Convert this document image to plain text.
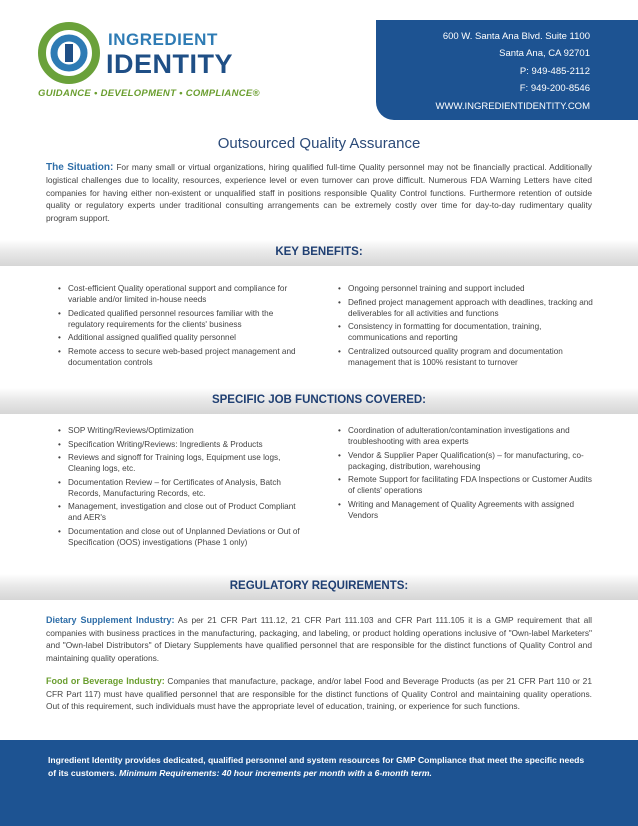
INGREDIENT
IDENTITY
GUIDANCE • DEVELOPMENT • COMPLIANCE®
600 W. Santa Ana Blvd. Suite 1100
Santa Ana, CA 92701
P: 949-485-2112
F: 949-200-8546
WWW.INGREDIENTIDENTITY.COM
Outsourced Quality Assurance
The Situation: For many small or virtual organizations, hiring qualified full-time Quality personnel may not be financially practical. Additionally logistical challenges due to locality, resources, experience level or even turnover can prove difficult. Numerous FDA Warning Letters have cited companies for having either non-existent or unqualified staff in positions responsible Quality Control functions. Furthermore retention of outside quality or regulatory experts under traditional consulting arrangements can be extremely costly over time for day-to-day rudimentary quality program support.
KEY BENEFITS:
• Cost-efficient Quality operational support and compliance for variable and/or limited in-house needs
• Dedicated qualified personnel resources familiar with the regulatory requirements for the clients' business
• Additional assigned qualified quality personnel
• Remote access to secure web-based project management and documentation controls
• Ongoing personnel training and support included
• Defined project management approach with deadlines, tracking and deliverables for all activities and functions
• Consistency in formatting for documentation, training, communications and reporting
• Centralized outsourced quality program and documentation management that is 100% resistant to turnover
SPECIFIC JOB FUNCTIONS COVERED:
• SOP Writing/Reviews/Optimization
• Specification Writing/Reviews: Ingredients & Products
• Reviews and signoff for Training logs, Equipment use logs, Cleaning logs, etc.
• Documentation Review – for Certificates of Analysis, Batch Records, Manufacturing Records, etc.
• Management, investigation and close out of Product Compliant and AER's
• Documentation and close out of Unplanned Deviations or Out of Specification (OOS) investigations (Phase 1 only)
• Coordination of adulteration/contamination investigations and troubleshooting with area experts
• Vendor & Supplier Paper Qualification(s) – for manufacturing, co-packaging, distribution, warehousing
• Remote Support for facilitating FDA Inspections or Customer Audits of clients' operations
• Writing and Management of Quality Agreements with assigned Vendors
REGULATORY REQUIREMENTS:
Dietary Supplement Industry: As per 21 CFR Part 111.12, 21 CFR Part 111.103 and CFR Part 111.105 it is a GMP requirement that all companies with business practices in the manufacturing, packaging, and labeling, or product holding operations inclusive of "Own-label Marketers" and "Own-label Distributors" of Dietary Supplements have qualified personnel that are responsible for the distinct functions of Quality Control and maintaining quality operations.
Food or Beverage Industry: Companies that manufacture, package, and/or label Food and Beverage Products (as per 21 CFR Part 110 or 21 CFR Part 117) must have qualified personnel that are responsible for the distinct functions of Quality Control and maintaining quality operations. Out of this requirement, such individuals must have the appropriate level of education, training, or experience for such functions.

Ingredient Identity provides dedicated, qualified personnel and system resources for GMP Compliance that meet the specific needs of its customers. Minimum Requirements: 40 hour increments per month with a 6-month term.
